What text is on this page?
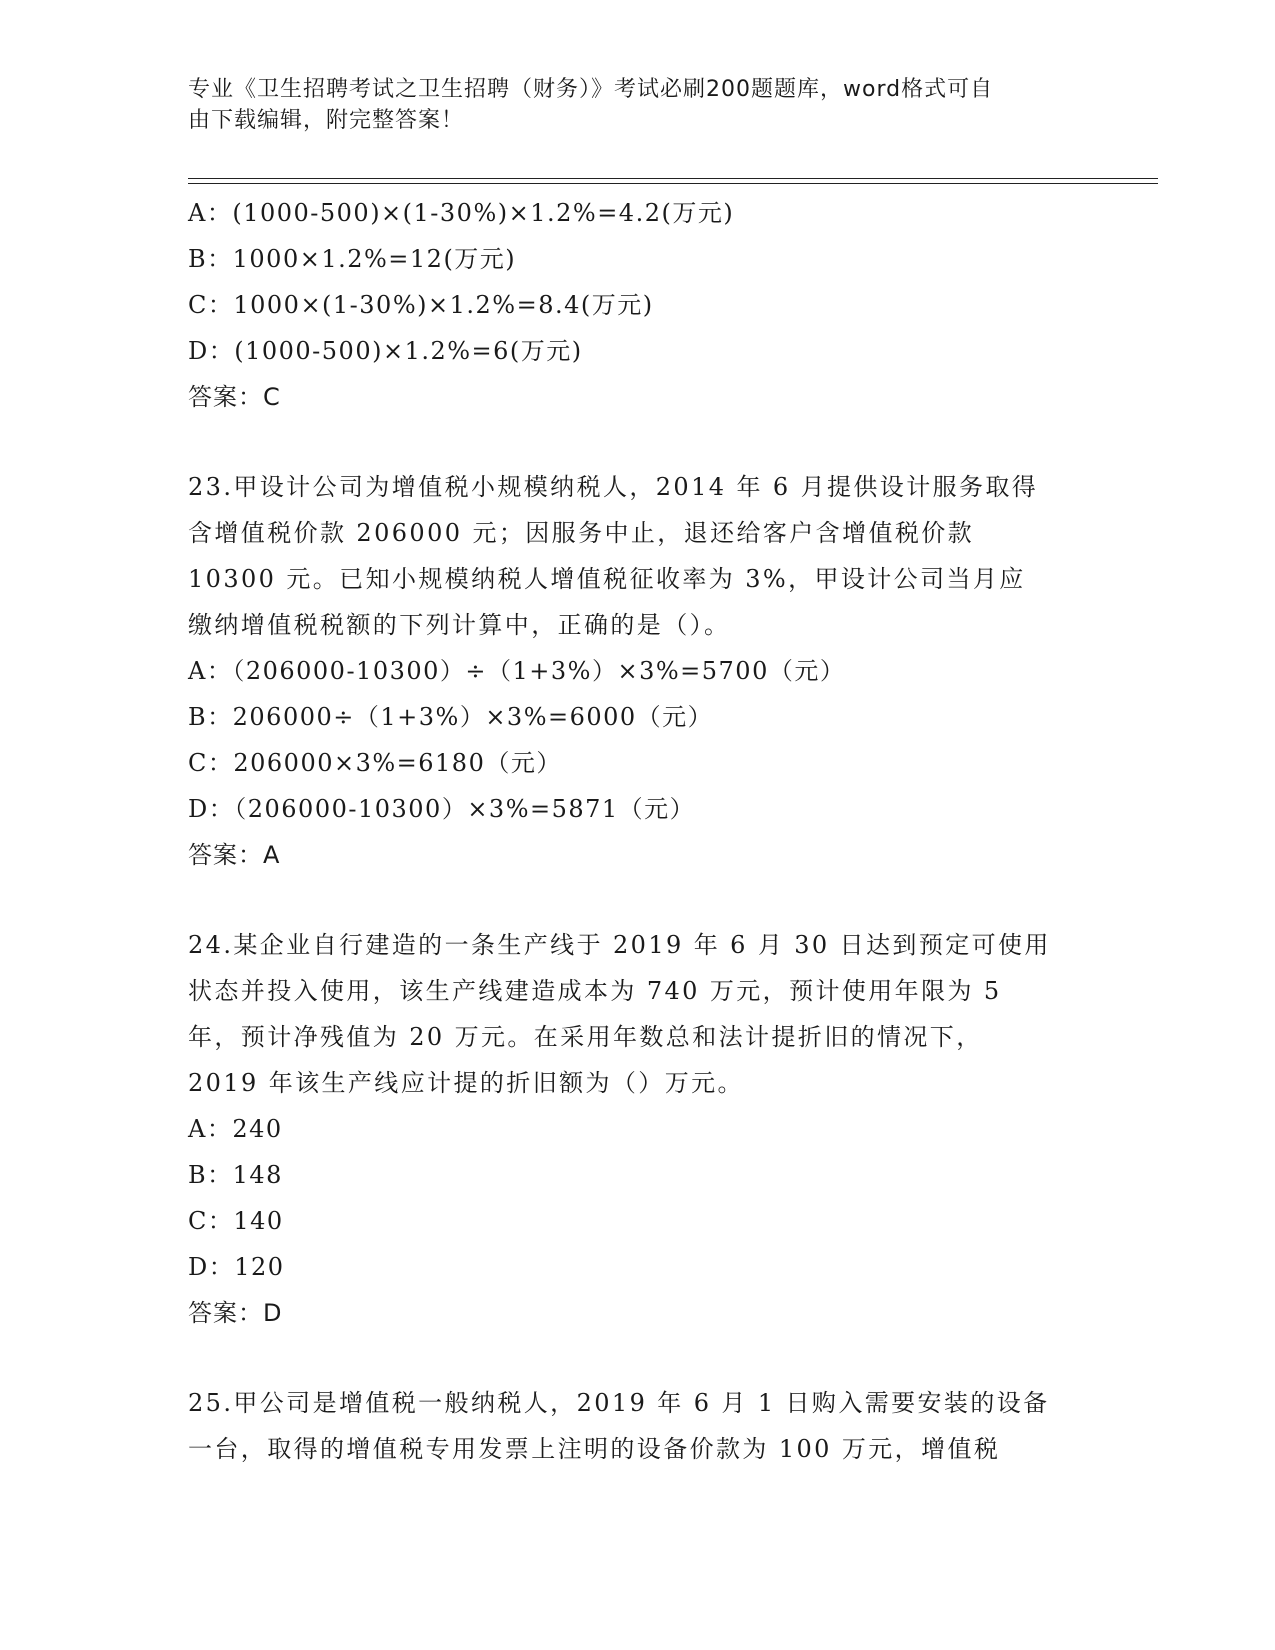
专业《卫生招聘考试之卫生招聘（财务）》考试必刷200题题库，word格式可自
由下载编辑，附完整答案！
A：(1000-500)×(1-30%)×1.2%=4.2(万元)
B：1000×1.2%=12(万元)
C：1000×(1-30%)×1.2%=8.4(万元)
D：(1000-500)×1.2%=6(万元)
答案：C
23.甲设计公司为增值税小规模纳税人，2014 年 6 月提供设计服务取得
含增值税价款 206000 元；因服务中止，退还给客户含增值税价款
10300 元。已知小规模纳税人增值税征收率为 3%，甲设计公司当月应
缴纳增值税税额的下列计算中，正确的是（）。
A：（206000-10300）÷（1+3%）×3%=5700（元）
B：206000÷（1+3%）×3%=6000（元）
C：206000×3%=6180（元）
D：（206000-10300）×3%=5871（元）
答案：A
24.某企业自行建造的一条生产线于 2019 年 6 月 30 日达到预定可使用
状态并投入使用，该生产线建造成本为 740 万元，预计使用年限为 5
年，预计净残值为 20 万元。在采用年数总和法计提折旧的情况下，
2019 年该生产线应计提的折旧额为（）万元。
A：240
B：148
C：140
D：120
答案：D
25.甲公司是增值税一般纳税人，2019 年 6 月 1 日购入需要安装的设备
一台，取得的增值税专用发票上注明的设备价款为 100 万元，增值税
